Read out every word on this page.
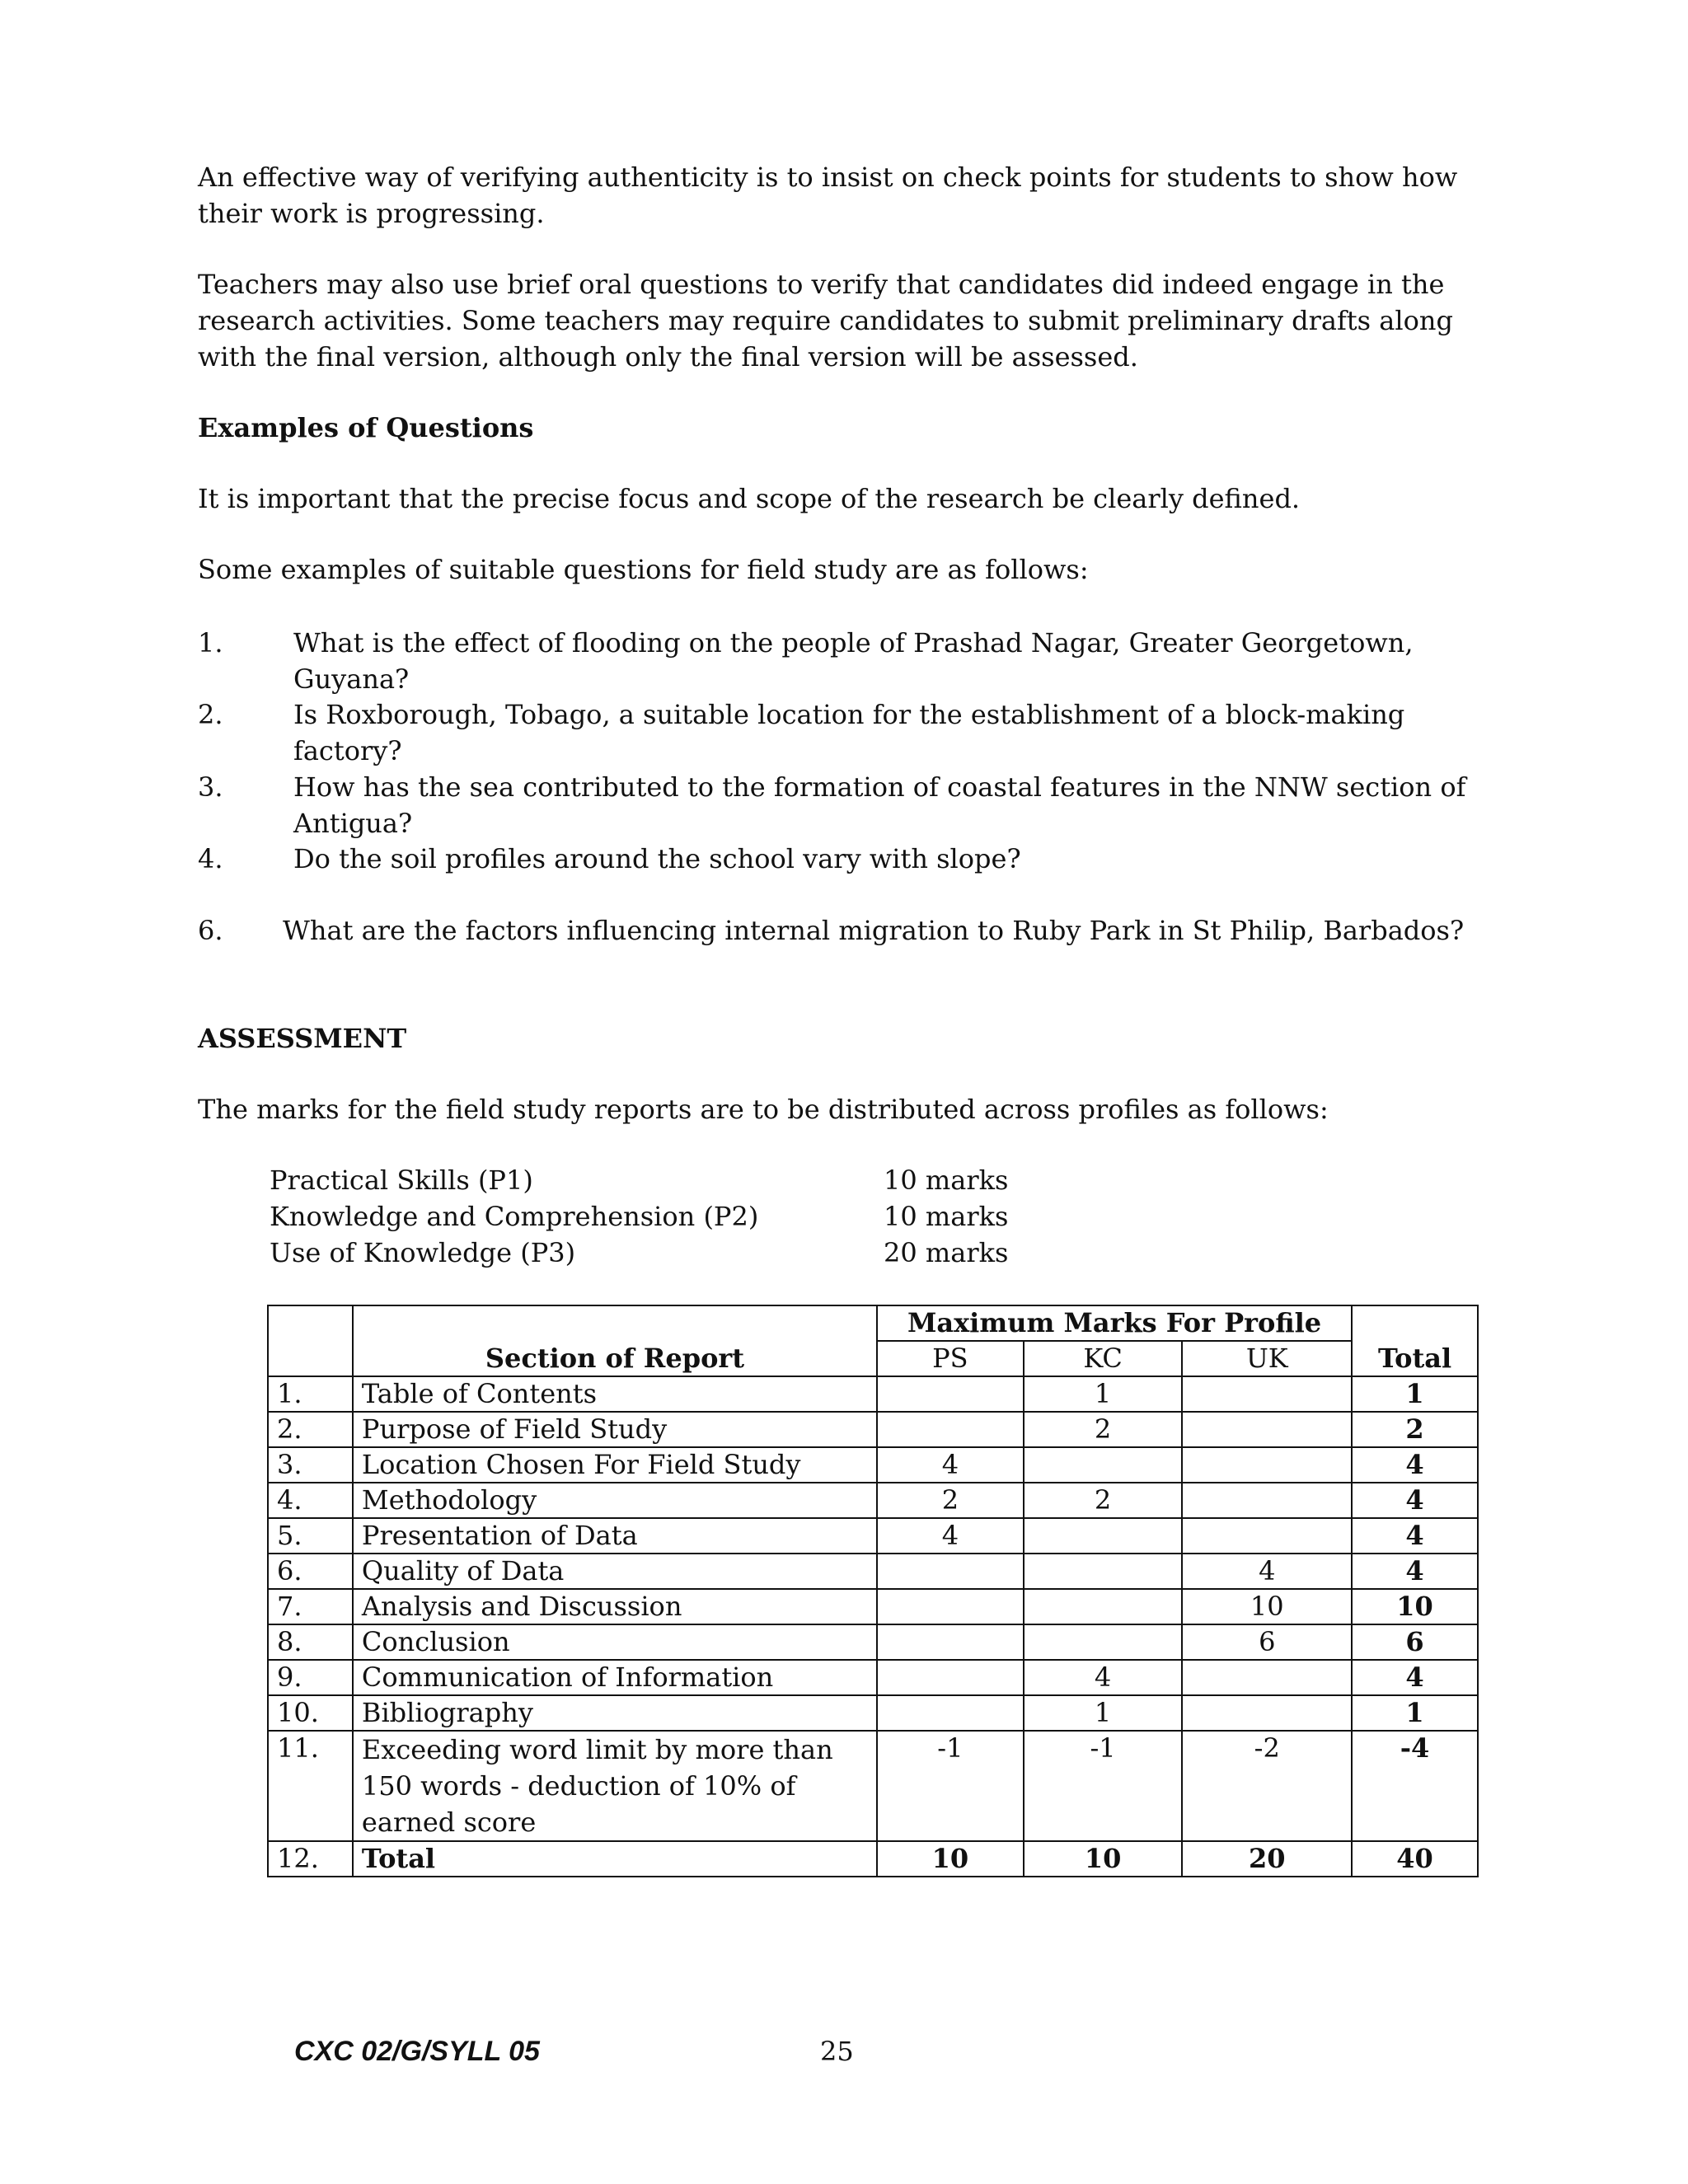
An effective way of verifying authenticity is to insist on check points for students to show how their work is progressing.

Teachers may also use brief oral questions to verify that candidates did indeed engage in the research activities. Some teachers may require candidates to submit preliminary drafts along with the final version, although only the final version will be assessed.

Examples of Questions

It is important that the precise focus and scope of the research be clearly defined.

Some examples of suitable questions for field study are as follows:

1.	What is the effect of flooding on the people of Prashad Nagar, Greater Georgetown, Guyana?
2.	Is Roxborough, Tobago, a suitable location for the establishment of a block-making factory?
3.	How has the sea contributed to the formation of coastal features in the NNW section of Antigua?
4.	Do the soil profiles around the school vary with slope?
6. What are the factors influencing internal migration to Ruby Park in St Philip, Barbados?

ASSESSMENT

The marks for the field study reports are to be distributed across profiles as follows:

Practical Skills (P1)	10 marks
Knowledge and Comprehension (P2)	10 marks
Use of Knowledge (P3)	20 marks
	Section of Report	Maximum Marks For Profile			Total
		PS	KC	UK	
1.	Table of Contents		1		1
2.	Purpose of Field Study		2		2
3.	Location Chosen For Field Study	4			4
4.	Methodology	2	2		4
5.	Presentation of Data	4			4
6.	Quality of Data			4	4
7.	Analysis and Discussion			10	10
8.	Conclusion			6	6
9.	Communication of Information		4		4
10.	Bibliography		1		1
11.	Exceeding word limit by more than 150 words - deduction of 10% of earned score	-1	-1	-2	-4
12.	Total	10	10	20	40
CXC 02/G/SYLL 05	25
